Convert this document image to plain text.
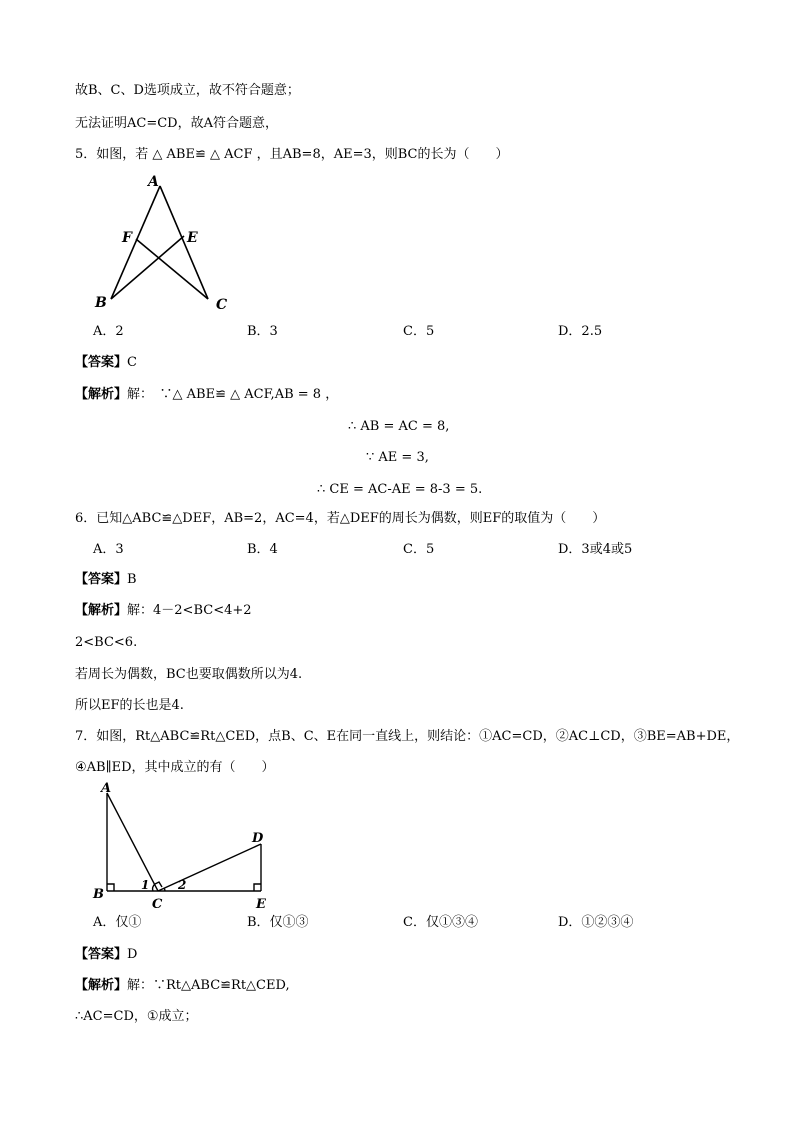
故B、C、D选项成立，故不符合题意；
无法证明AC=CD，故A符合题意，
5．如图，若 △ ABE≌ △ ACF ，且AB=8，AE=3，则BC的长为（　　）
A
F	E
B	C
A．2	B．3	C．5	D．2.5
【答案】C
【解析】解：　∵△ ABE≌ △ ACF,AB = 8 ，
∴ AB = AC = 8,
∵ AE = 3,
∴ CE = AC-AE = 8-3 = 5.
6．已知△ABC≌△DEF，AB=2，AC=4，若△DEF的周长为偶数，则EF的取值为（　　）
A．3	B．4	C．5	D．3或4或5
【答案】B
【解析】解：4－2<BC<4+2
2<BC<6.
若周长为偶数，BC也要取偶数所以为4.
所以EF的长也是4.
7．如图，Rt△ABC≌Rt△CED，点B、C、E在同一直线上，则结论：①AC=CD，②AC⊥CD，③BE=AB+DE，
④AB∥ED，其中成立的有（　　）
A
B
C
D
E
1 2
A．仅①	B．仅①③	C．仅①③④	D．①②③④
【答案】D
【解析】解：∵Rt△ABC≌Rt△CED,
∴AC=CD，①成立；
